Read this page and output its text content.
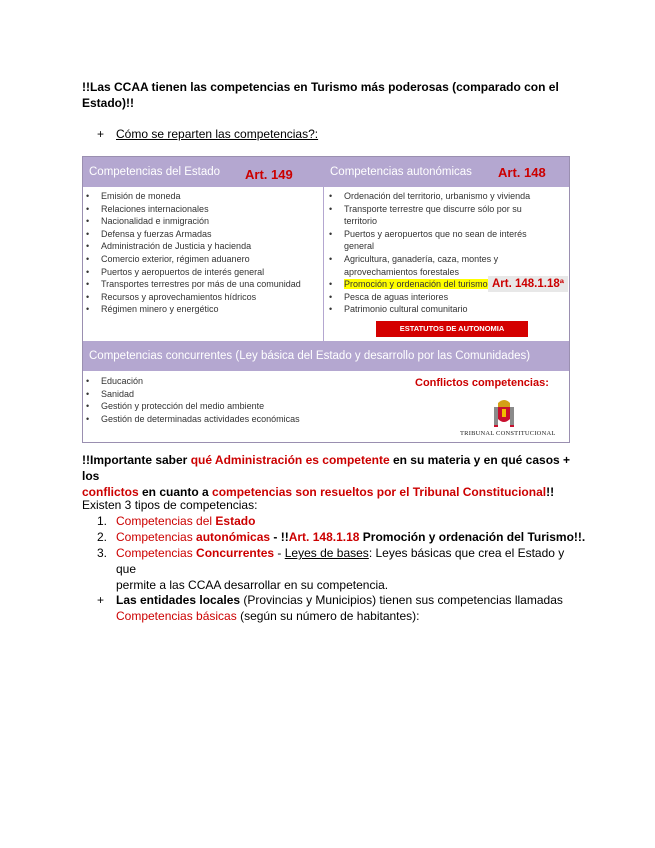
!!Las CCAA tienen las competencias en Turismo más poderosas (comparado con el
Estado)!!
+ Cómo se reparten las competencias?:
Competencias del Estado	Art. 149	Competencias autonómicas	Art. 148
• Emisión de moneda
• Relaciones internacionales
• Nacionalidad e inmigración
• Defensa y fuerzas Armadas
• Administración de Justicia y hacienda
• Comercio exterior, régimen aduanero
• Puertos y aeropuertos de interés general
• Transportes terrestres por más de una comunidad
• Recursos y aprovechamientos hídricos
• Régimen minero y energético
• Ordenación del territorio, urbanismo y vivienda
• Transporte terrestre que discurre sólo por su territorio
• Puertos y aeropuertos que no sean de interés general
• Agricultura, ganadería, caza, montes y aprovechamientos forestales
• Promoción y ordenación del turismo
• Pesca de aguas interiores
• Patrimonio cultural comunitario
Art. 148.1.18ª
ESTATUTOS DE AUTONOMIA
Competencias concurrentes (Ley básica del Estado y desarrollo por las Comunidades)
• Educación
• Sanidad
• Gestión y protección del medio ambiente
• Gestión de determinadas actividades económicas
Conflictos competencias:
TRIBUNAL CONSTITUCIONAL
!!Importante saber qué Administración es competente en su materia y en qué casos + los
conflictos en cuanto a competencias son resueltos por el Tribunal Constitucional!!
Existen 3 tipos de competencias:
1. Competencias del Estado
2. Competencias autonómicas - !!Art. 148.1.18 Promoción y ordenación del Turismo!!.
3. Competencias Concurrentes - Leyes de bases: Leyes básicas que crea el Estado y que
permite a las CCAA desarrollar en su competencia.
+ Las entidades locales (Provincias y Municipios) tienen sus competencias llamadas
Competencias básicas (según su número de habitantes):
